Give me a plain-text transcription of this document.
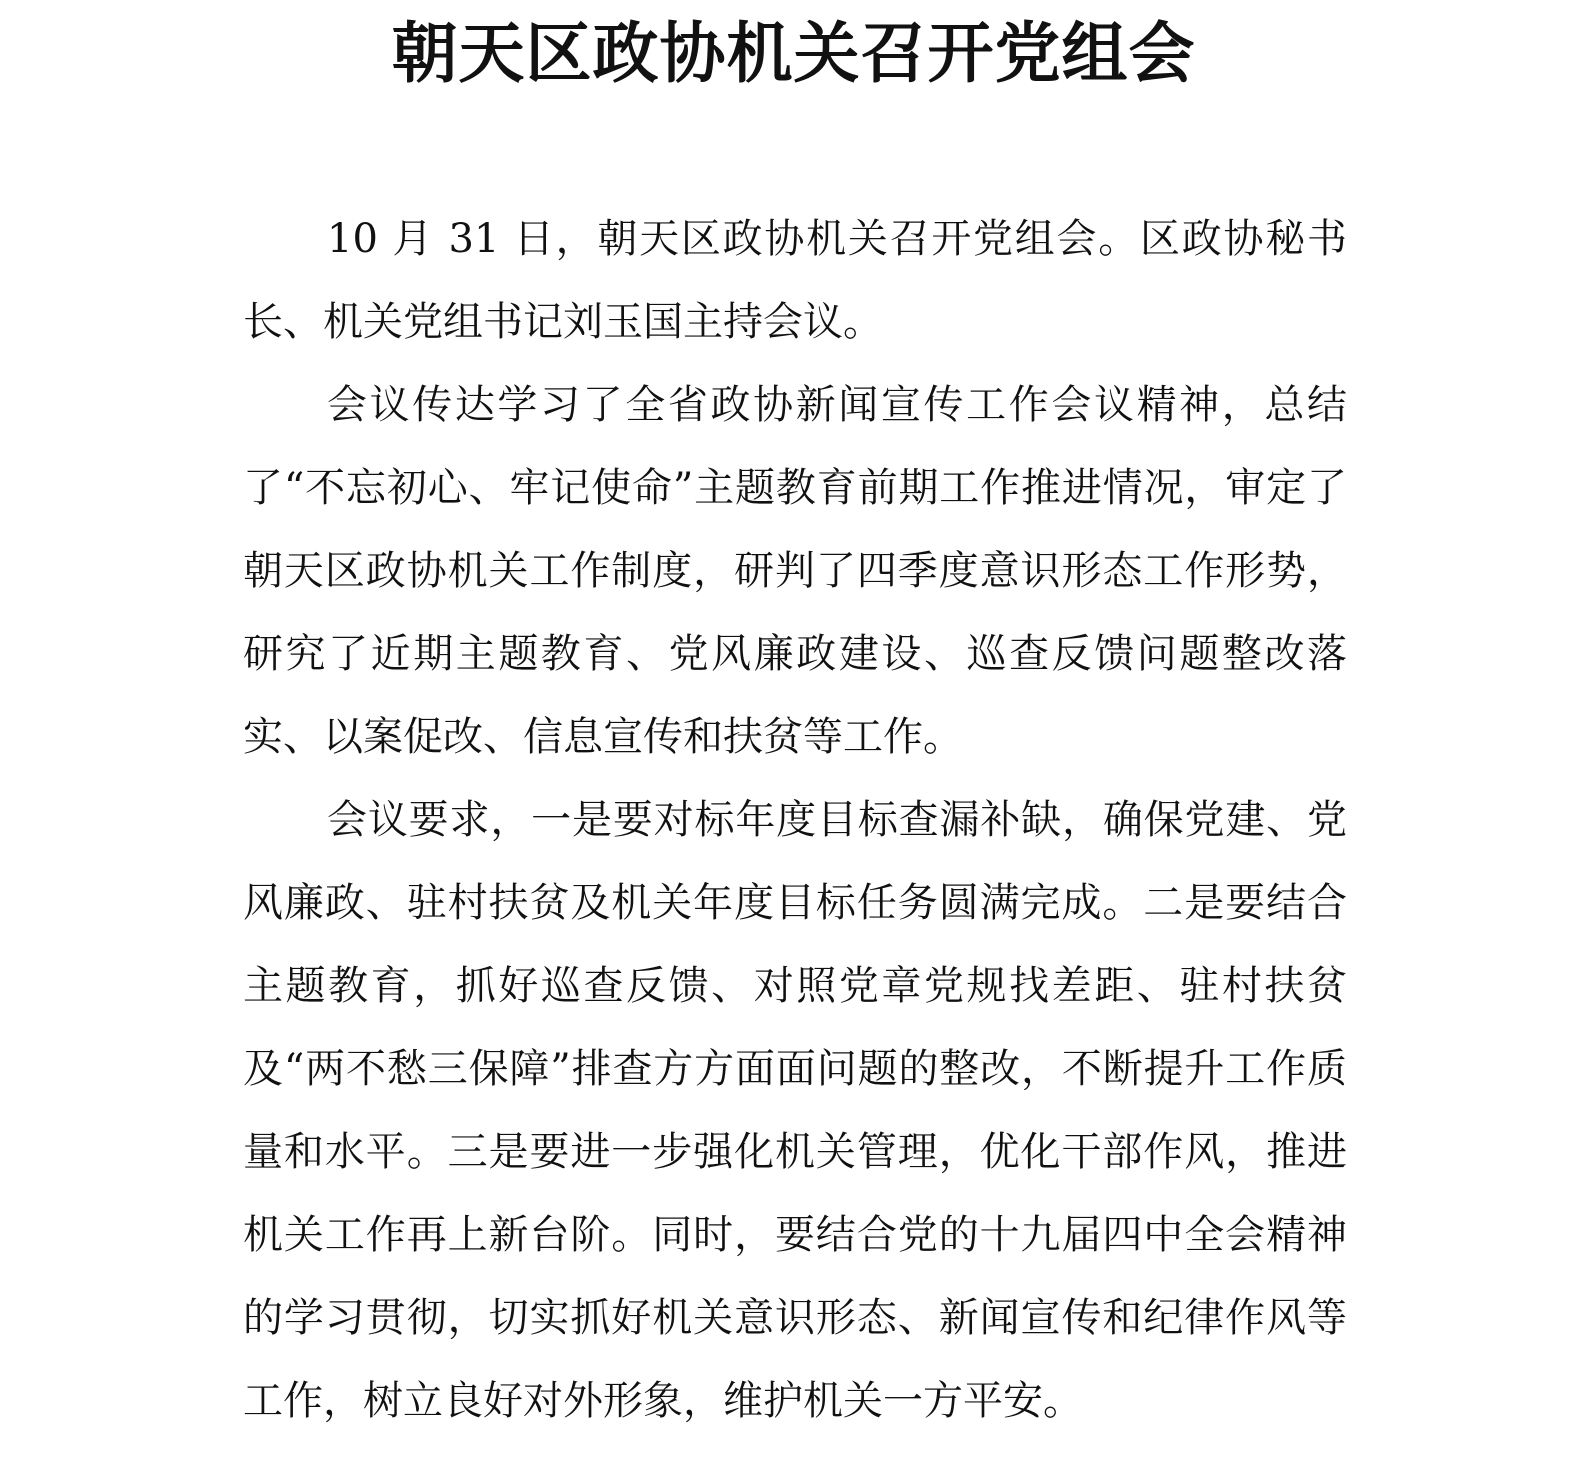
朝天区政协机关召开党组会

10 月 31 日，朝天区政协机关召开党组会。区政协秘书长、机关党组书记刘玉国主持会议。

会议传达学习了全省政协新闻宣传工作会议精神，总结了“不忘初心、牢记使命”主题教育前期工作推进情况，审定了朝天区政协机关工作制度，研判了四季度意识形态工作形势，研究了近期主题教育、党风廉政建设、巡查反馈问题整改落实、以案促改、信息宣传和扶贫等工作。

会议要求，一是要对标年度目标查漏补缺，确保党建、党风廉政、驻村扶贫及机关年度目标任务圆满完成。二是要结合主题教育，抓好巡查反馈、对照党章党规找差距、驻村扶贫及“两不愁三保障”排查方方面面问题的整改，不断提升工作质量和水平。三是要进一步强化机关管理，优化干部作风，推进机关工作再上新台阶。同时，要结合党的十九届四中全会精神的学习贯彻，切实抓好机关意识形态、新闻宣传和纪律作风等工作，树立良好对外形象，维护机关一方平安。
